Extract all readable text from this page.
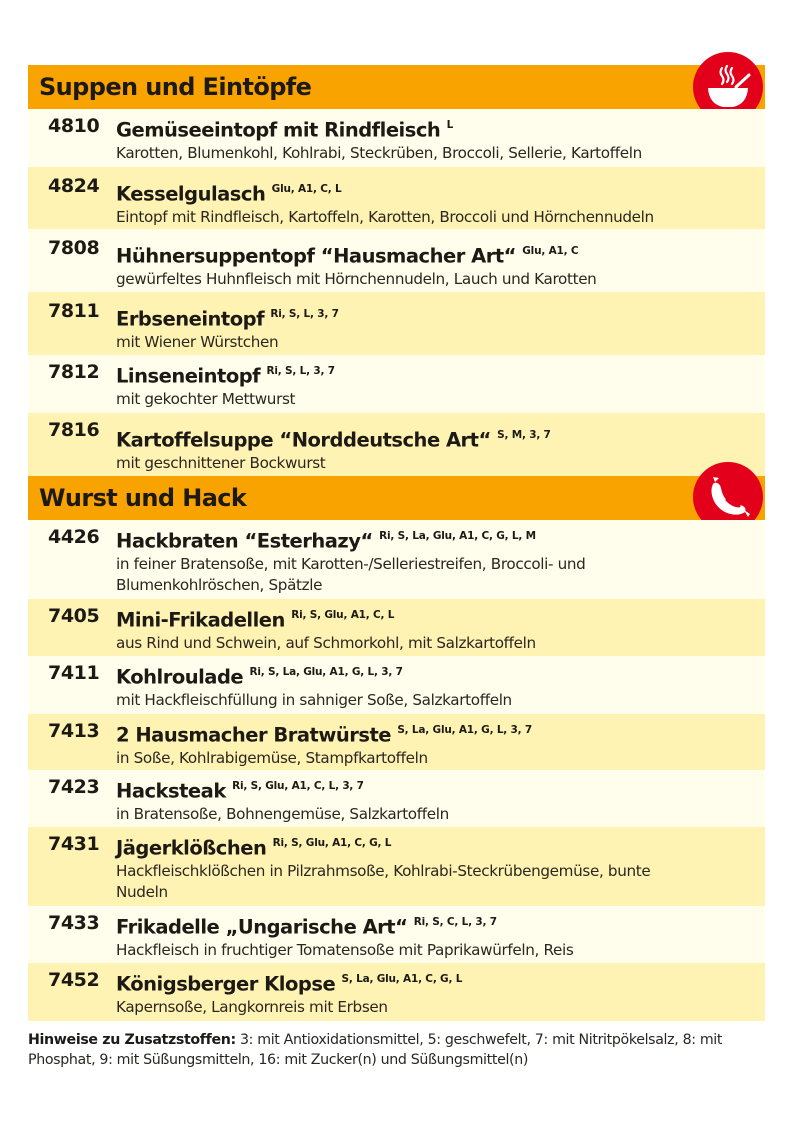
Suppen und Eintöpfe
4810 Gemüseeintopf mit Rindfleisch $^L$
Karotten, Blumenkohl, Kohlrabi, Steckrüben, Broccoli, Sellerie, Kartoffeln
4824 Kesselgulasch $^{Glu, A1, C, L}$
Eintopf mit Rindfleisch, Kartoffeln, Karotten, Broccoli und Hörnchennudeln
7808 Hühnersuppentopf “Hausmacher Art“ $^{Glu, A1, C}$
gewürfeltes Huhnfleisch mit Hörnchennudeln, Lauch und Karotten
7811 Erbseneintopf $^{Ri, S, L, 3, 7}$
mit Wiener Würstchen
7812 Linseneintopf $^{Ri, S, L, 3, 7}$
mit gekochter Mettwurst
7816 Kartoffelsuppe “Norddeutsche Art“ $^{S, M, 3, 7}$
mit geschnittener Bockwurst
Wurst und Hack
4426 Hackbraten “Esterhazy“ $^{Ri, S, La, Glu, A1, C, G, L, M}$
in feiner Bratensoße, mit Karotten-/Selleriestreifen, Broccoli- und Blumenkohlröschen, Spätzle
7405 Mini-Frikadellen $^{Ri, S, Glu, A1, C, L}$
aus Rind und Schwein, auf Schmorkohl, mit Salzkartoffeln
7411 Kohlroulade $^{Ri, S, La, Glu, A1, G, L, 3, 7}$
mit Hackfleischfüllung in sahniger Soße, Salzkartoffeln
7413 2 Hausmacher Bratwürste $^{S, La, Glu, A1, G, L, 3, 7}$
in Soße, Kohlrabigemüse, Stampfkartoffeln
7423 Hacksteak $^{Ri, S, Glu, A1, C, L, 3, 7}$
in Bratensoße, Bohnengemüse, Salzkartoffeln
7431 Jägerklößchen $^{Ri, S, Glu, A1, C, G, L}$
Hackfleischklößchen in Pilzrahmsoße, Kohlrabi-Steckrübengemüse, bunte Nudeln
7433 Frikadelle „Ungarische Art“ $^{Ri, S, C, L, 3, 7}$
Hackfleisch in fruchtiger Tomatensoße mit Paprikawürfeln, Reis
7452 Königsberger Klopse $^{S, La, Glu, A1, C, G, L}$
Kapernsoße, Langkornreis mit Erbsen
Hinweise zu Zusatzstoffen: 3: mit Antioxidationsmittel, 5: geschwefelt, 7: mit Nitritpökelsalz, 8: mit Phosphat, 9: mit Süßungsmitteln, 16: mit Zucker(n) und Süßungsmittel(n)
